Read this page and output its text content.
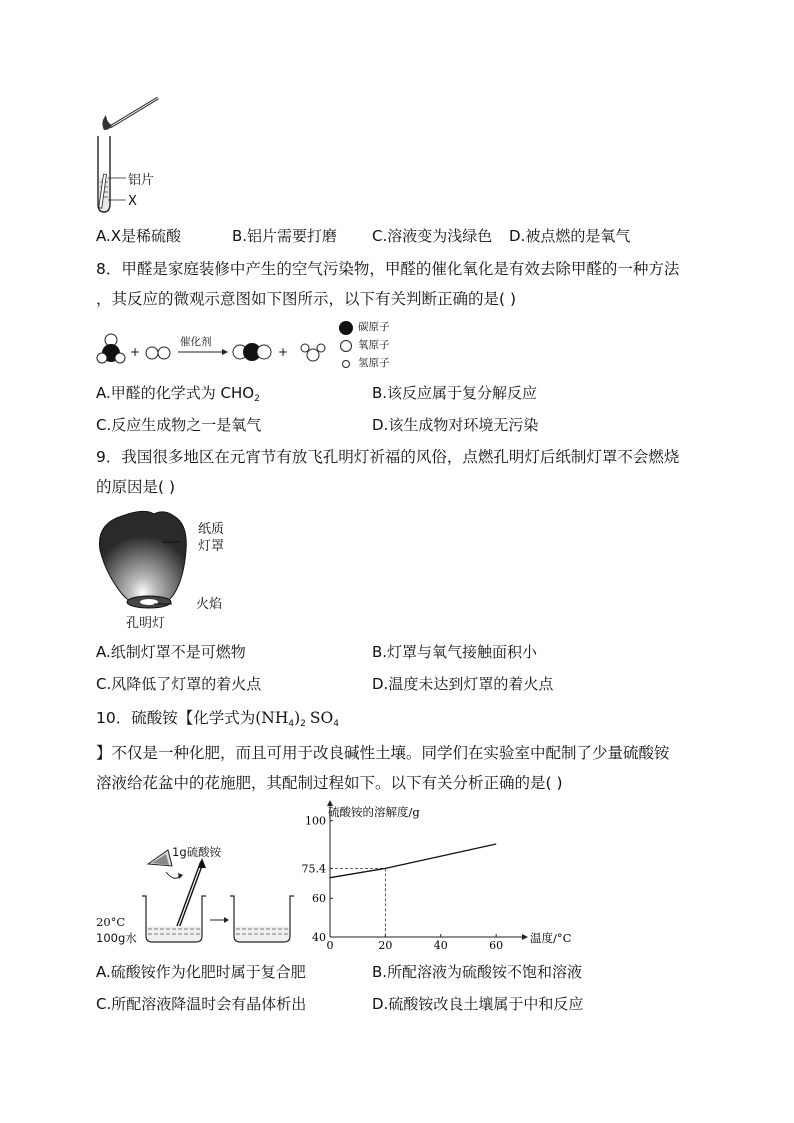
铝片
X
A.X是稀硫酸	B.铝片需要打磨 C.溶液变为浅绿色 D.被点燃的是氧气
8．甲醛是家庭装修中产生的空气污染物，甲醛的催化氧化是有效去除甲醛的一种方法
，其反应的微观示意图如下图所示，以下有关判断正确的是( )
+	+
催化剂
碳原子
氧原子
氢原子
A.甲醛的化学式为 $CHO_2$	B.该反应属于复分解反应
C.反应生成物之一是氧气	D.该生成物对环境无污染
9．我国很多地区在元宵节有放飞孔明灯祈福的风俗，点燃孔明灯后纸制灯罩不会燃烧
的原因是( )
纸质
灯罩
火焰
孔明灯
A.纸制灯罩不是可燃物	B.灯罩与氧气接触面积小
C.风降低了灯罩的着火点	D.温度未达到灯罩的着火点
10．硫酸铵【化学式为$(NH_4)_2$ $SO_4$
】不仅是一种化肥，而且可用于改良碱性土壤。同学们在实验室中配制了少量硫酸铵
溶液给花盆中的花施肥，其配制过程如下。以下有关分析正确的是( )
1g硫酸铵
20°C
100g水
硫酸铵的溶解度/g
温度/°C
0	20	40	60
40
60
75.4
100
A.硫酸铵作为化肥时属于复合肥	B.所配溶液为硫酸铵不饱和溶液
C.所配溶液降温时会有晶体析出	D.硫酸铵改良土壤属于中和反应
